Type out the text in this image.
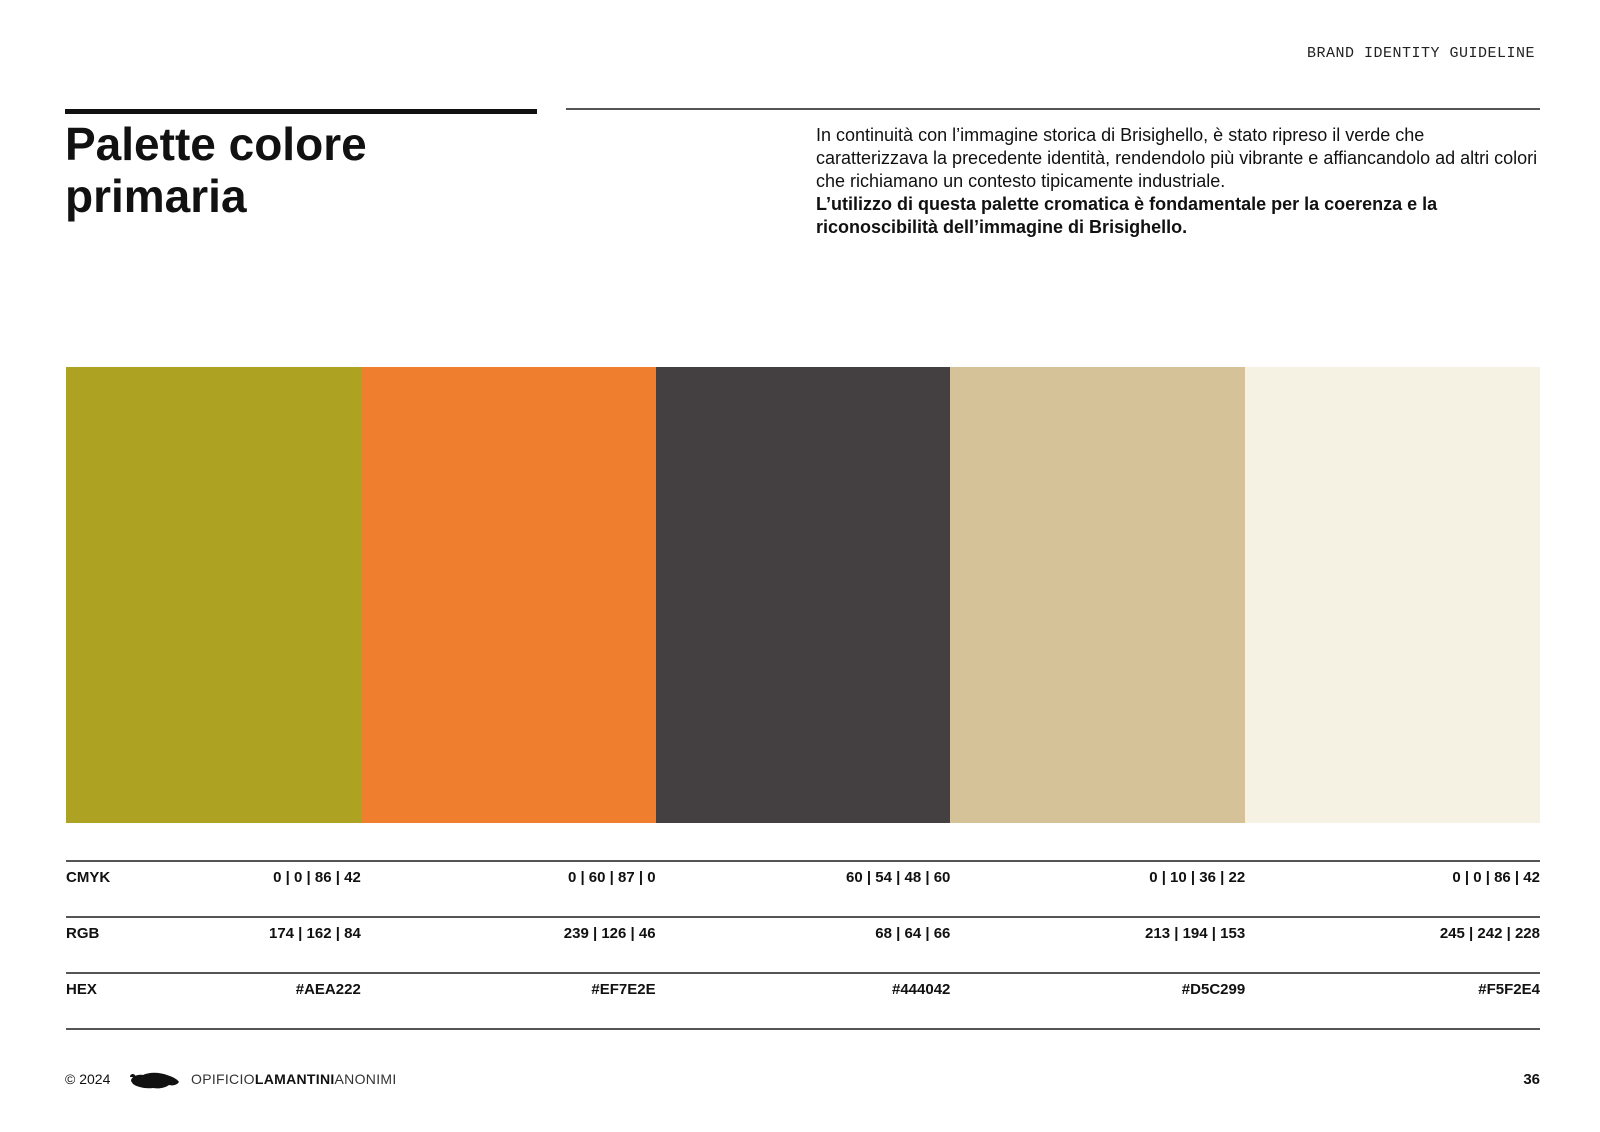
BRAND IDENTITY GUIDELINE
Palette colore
primaria

In continuità con l’immagine storica di Brisighello, è stato ripreso il verde che caratterizzava la precedente identità, rendendolo più vibrante e affiancandolo ad altri colori che richiamano un contesto tipicamente industriale.
L’utilizzo di questa palette cromatica è fondamentale per la coerenza e la riconoscibilità dell’immagine di Brisighello.

CMYK	0 | 0 | 86 | 42	0 | 60 | 87 | 0	60 | 54 | 48 | 60	0 | 10 | 36 | 22	0 | 0 | 86 | 42
RGB	174 | 162 | 84	239 | 126 | 46	68 | 64 | 66	213 | 194 | 153	245 | 242 | 228
HEX	#AEA222	#EF7E2E	#444042	#D5C299	#F5F2E4
© 2024	OPIFICIOLAMANTINIANONIMI	36
